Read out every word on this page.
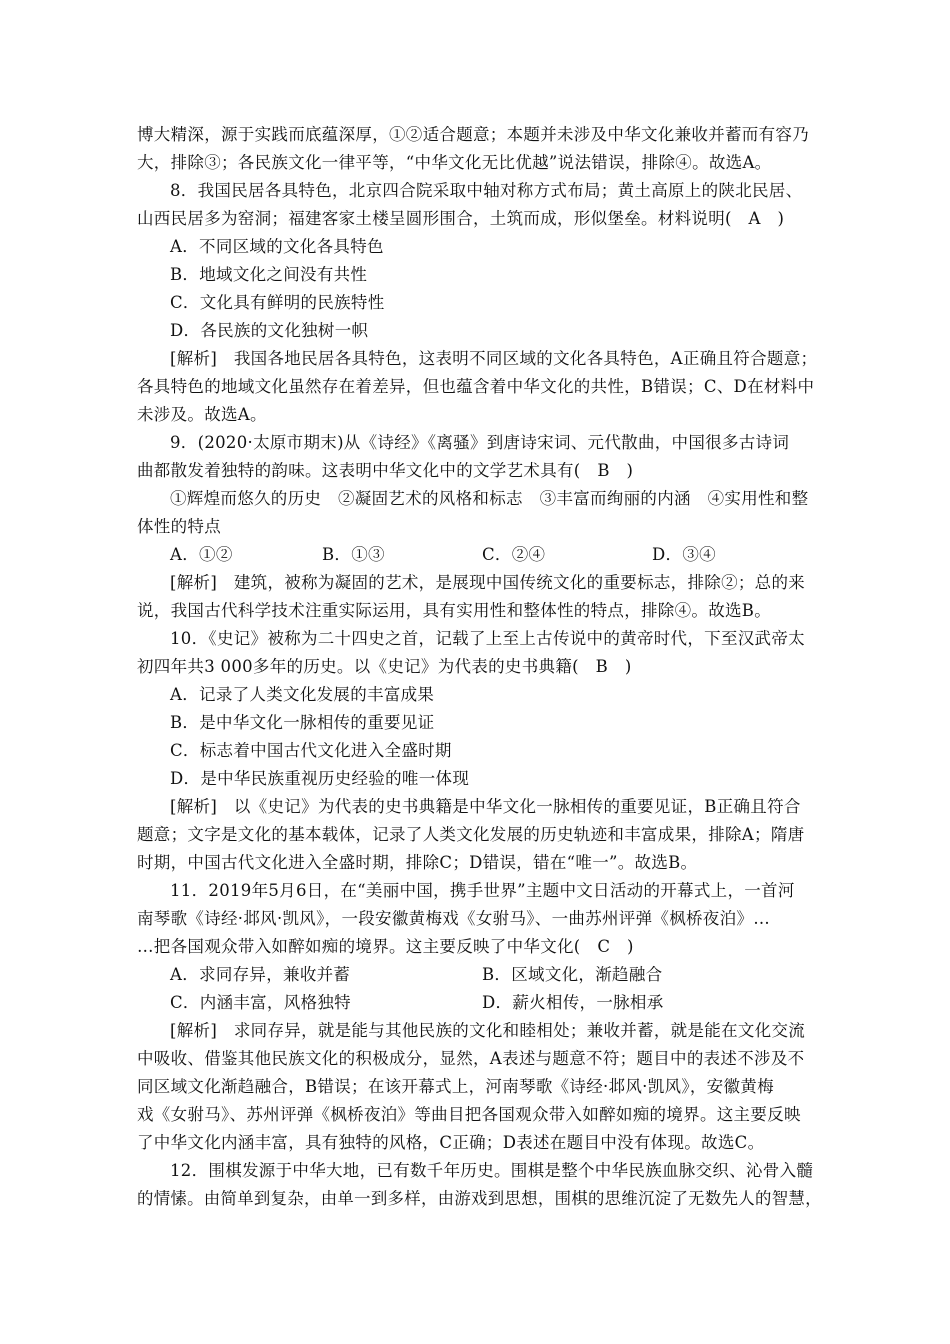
博大精深，源于实践而底蕴深厚，①②适合题意；本题并未涉及中华文化兼收并蓄而有容乃
大，排除③；各民族文化一律平等，“中华文化无比优越”说法错误，排除④。故选A。
8．我国民居各具特色，北京四合院采取中轴对称方式布局；黄土高原上的陕北民居、
山西民居多为窑洞；福建客家土楼呈圆形围合，土筑而成，形似堡垒。材料说明(　A　)
A．不同区域的文化各具特色
B．地域文化之间没有共性
C．文化具有鲜明的民族特性
D．各民族的文化独树一帜
[解析]　我国各地民居各具特色，这表明不同区域的文化各具特色，A正确且符合题意；
各具特色的地域文化虽然存在着差异，但也蕴含着中华文化的共性，B错误；C、D在材料中
未涉及。故选A。
9．(2020·太原市期末)从《诗经》《离骚》到唐诗宋词、元代散曲，中国很多古诗词
曲都散发着独特的韵味。这表明中华文化中的文学艺术具有(　B　)
①辉煌而悠久的历史　②凝固艺术的风格和标志　③丰富而绚丽的内涵　④实用性和整
体性的特点
A．①②	B．①③	C．②④	D．③④
[解析]　建筑，被称为凝固的艺术，是展现中国传统文化的重要标志，排除②；总的来
说，我国古代科学技术注重实际运用，具有实用性和整体性的特点，排除④。故选B。
10．《史记》被称为二十四史之首，记载了上至上古传说中的黄帝时代，下至汉武帝太
初四年共3 000多年的历史。以《史记》为代表的史书典籍(　B　)
A．记录了人类文化发展的丰富成果
B．是中华文化一脉相传的重要见证
C．标志着中国古代文化进入全盛时期
D．是中华民族重视历史经验的唯一体现
[解析]　以《史记》为代表的史书典籍是中华文化一脉相传的重要见证，B正确且符合
题意；文字是文化的基本载体，记录了人类文化发展的历史轨迹和丰富成果，排除A；隋唐
时期，中国古代文化进入全盛时期，排除C；D错误，错在“唯一”。故选B。
11．2019年5月6日，在“美丽中国，携手世界”主题中文日活动的开幕式上，一首河
南琴歌《诗经·邶风·凯风》，一段安徽黄梅戏《女驸马》、一曲苏州评弹《枫桥夜泊》…
…把各国观众带入如醉如痴的境界。这主要反映了中华文化(　C　)
A．求同存异，兼收并蓄	B．区域文化，渐趋融合
C．内涵丰富，风格独特	D．薪火相传，一脉相承
[解析]　求同存异，就是能与其他民族的文化和睦相处；兼收并蓄，就是能在文化交流
中吸收、借鉴其他民族文化的积极成分，显然，A表述与题意不符；题目中的表述不涉及不
同区域文化渐趋融合，B错误；在该开幕式上，河南琴歌《诗经·邶风·凯风》，安徽黄梅
戏《女驸马》、苏州评弹《枫桥夜泊》等曲目把各国观众带入如醉如痴的境界。这主要反映
了中华文化内涵丰富，具有独特的风格，C正确；D表述在题目中没有体现。故选C。
12．围棋发源于中华大地，已有数千年历史。围棋是整个中华民族血脉交织、沁骨入髓
的情愫。由简单到复杂，由单一到多样，由游戏到思想，围棋的思维沉淀了无数先人的智慧，
